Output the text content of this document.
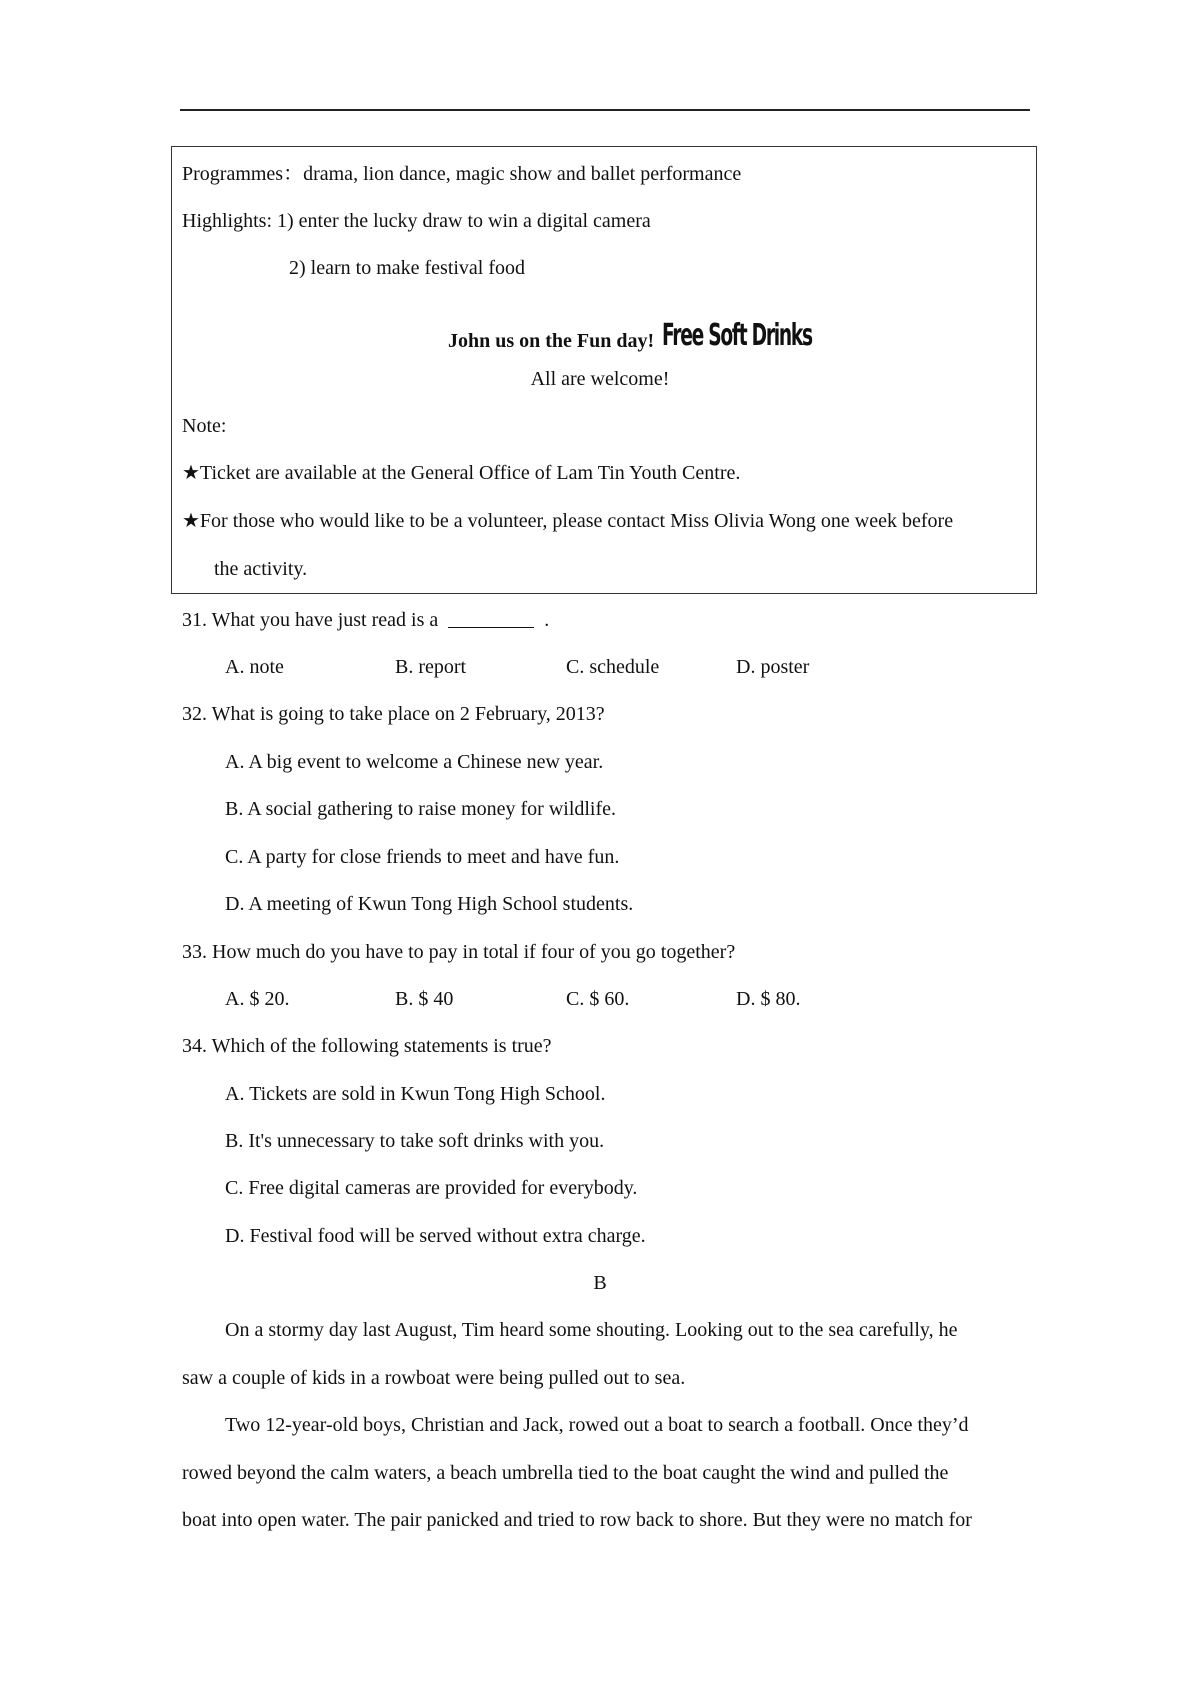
Programmes：drama, lion dance, magic show and ballet performance
Highlights: 1) enter the lucky draw to win a digital camera
2) learn to make festival food
John us on the Fun day! Free Soft Drinks
All are welcome!
Note:
★Ticket are available at the General Office of Lam Tin Youth Centre.
★For those who would like to be a volunteer, please contact Miss Olivia Wong one week before
the activity.
31. What you have just read is a	.
A. note	B. report	C. schedule	D. poster
32. What is going to take place on 2 February, 2013?
A. A big event to welcome a Chinese new year.
B. A social gathering to raise money for wildlife.
C. A party for close friends to meet and have fun.
D. A meeting of Kwun Tong High School students.
33. How much do you have to pay in total if four of you go together?
A. $ 20.	B. $ 40	C. $ 60.	D. $ 80.
34. Which of the following statements is true?
A. Tickets are sold in Kwun Tong High School.
B. It's unnecessary to take soft drinks with you.
C. Free digital cameras are provided for everybody.
D. Festival food will be served without extra charge.
B
On a stormy day last August, Tim heard some shouting. Looking out to the sea carefully, he
saw a couple of kids in a rowboat were being pulled out to sea.
Two 12-year-old boys, Christian and Jack, rowed out a boat to search a football. Once they’d
rowed beyond the calm waters, a beach umbrella tied to the boat caught the wind and pulled the
boat into open water. The pair panicked and tried to row back to shore. But they were no match for
